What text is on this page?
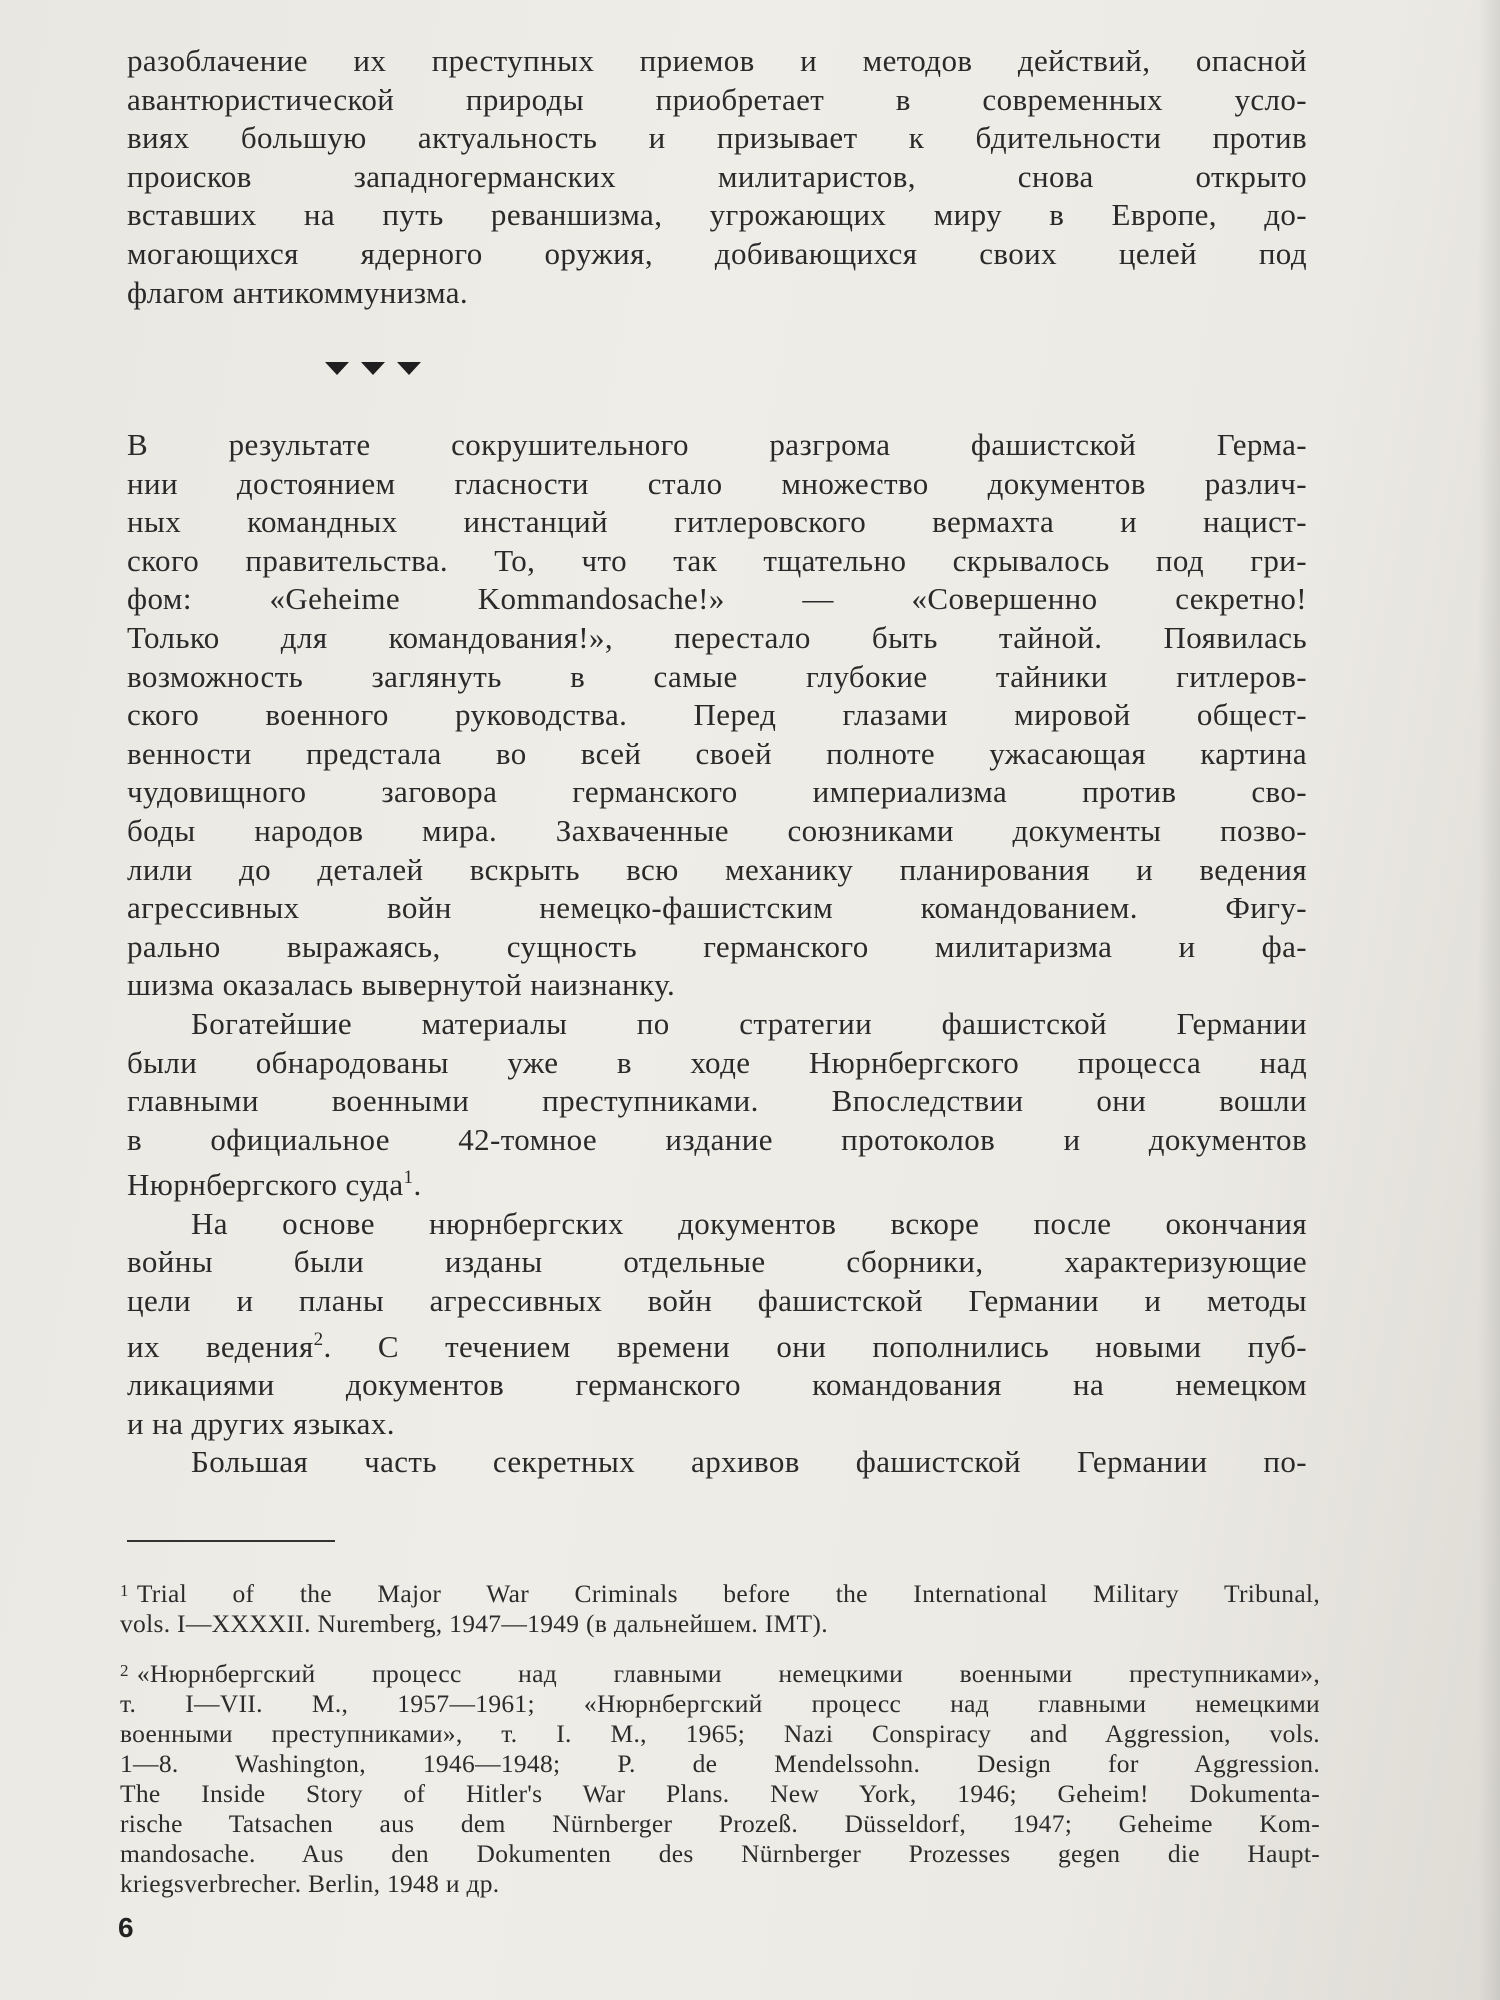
разоблачение их преступных приемов и методов действий, опасной
авантюристической природы приобретает в современных усло-
виях большую актуальность и призывает к бдительности против
происков западногерманских милитаристов, снова открыто
вставших на путь реваншизма, угрожающих миру в Европе, до-
могающихся ядерного оружия, добивающихся своих целей под
флагом антикоммунизма.
В результате сокрушительного разгрома фашистской Герма-
нии достоянием гласности стало множество документов различ-
ных командных инстанций гитлеровского вермахта и нацист-
ского правительства. То, что так тщательно скрывалось под гри-
фом: «Geheime Kommandosache!» — «Совершенно секретно!
Только для командования!», перестало быть тайной. Появилась
возможность заглянуть в самые глубокие тайники гитлеров-
ского военного руководства. Перед глазами мировой общест-
венности предстала во всей своей полноте ужасающая картина
чудовищного заговора германского империализма против сво-
боды народов мира. Захваченные союзниками документы позво-
лили до деталей вскрыть всю механику планирования и ведения
агрессивных войн немецко-фашистским командованием. Фигу-
рально выражаясь, сущность германского милитаризма и фа-
шизма оказалась вывернутой наизнанку.
Богатейшие материалы по стратегии фашистской Германии
были обнародованы уже в ходе Нюрнбергского процесса над
главными военными преступниками. Впоследствии они вошли
в официальное 42-томное издание протоколов и документов
Нюрнбергского суда$^1$.
На основе нюрнбергских документов вскоре после окончания
войны были изданы отдельные сборники, характеризующие
цели и планы агрессивных войн фашистской Германии и методы
их ведения$^2$. С течением времени они пополнились новыми пуб-
ликациями документов германского командования на немецком
и на других языках.
Большая часть секретных архивов фашистской Германии по-
$^1$ Trial of the Major War Criminals before the International Military Tribunal,
vols. I—XXXXII. Nuremberg, 1947—1949 (в дальнейшем. IMT).
$^2$ «Нюрнбергский процесс над главными немецкими военными преступниками»,
т. I—VII. М., 1957—1961; «Нюрнбергский процесс над главными немецкими
военными преступниками», т. I. М., 1965; Nazi Conspiracy and Aggression, vols.
1—8. Washington, 1946—1948; P. de Mendelssohn. Design for Aggression.
The Inside Story of Hitler's War Plans. New York, 1946; Geheim! Dokumenta-
rische Tatsachen aus dem Nürnberger Prozeß. Düsseldorf, 1947; Geheime Kom-
mandosache. Aus den Dokumenten des Nürnberger Prozesses gegen die Haupt-
kriegsverbrecher. Berlin, 1948 и др.
6
